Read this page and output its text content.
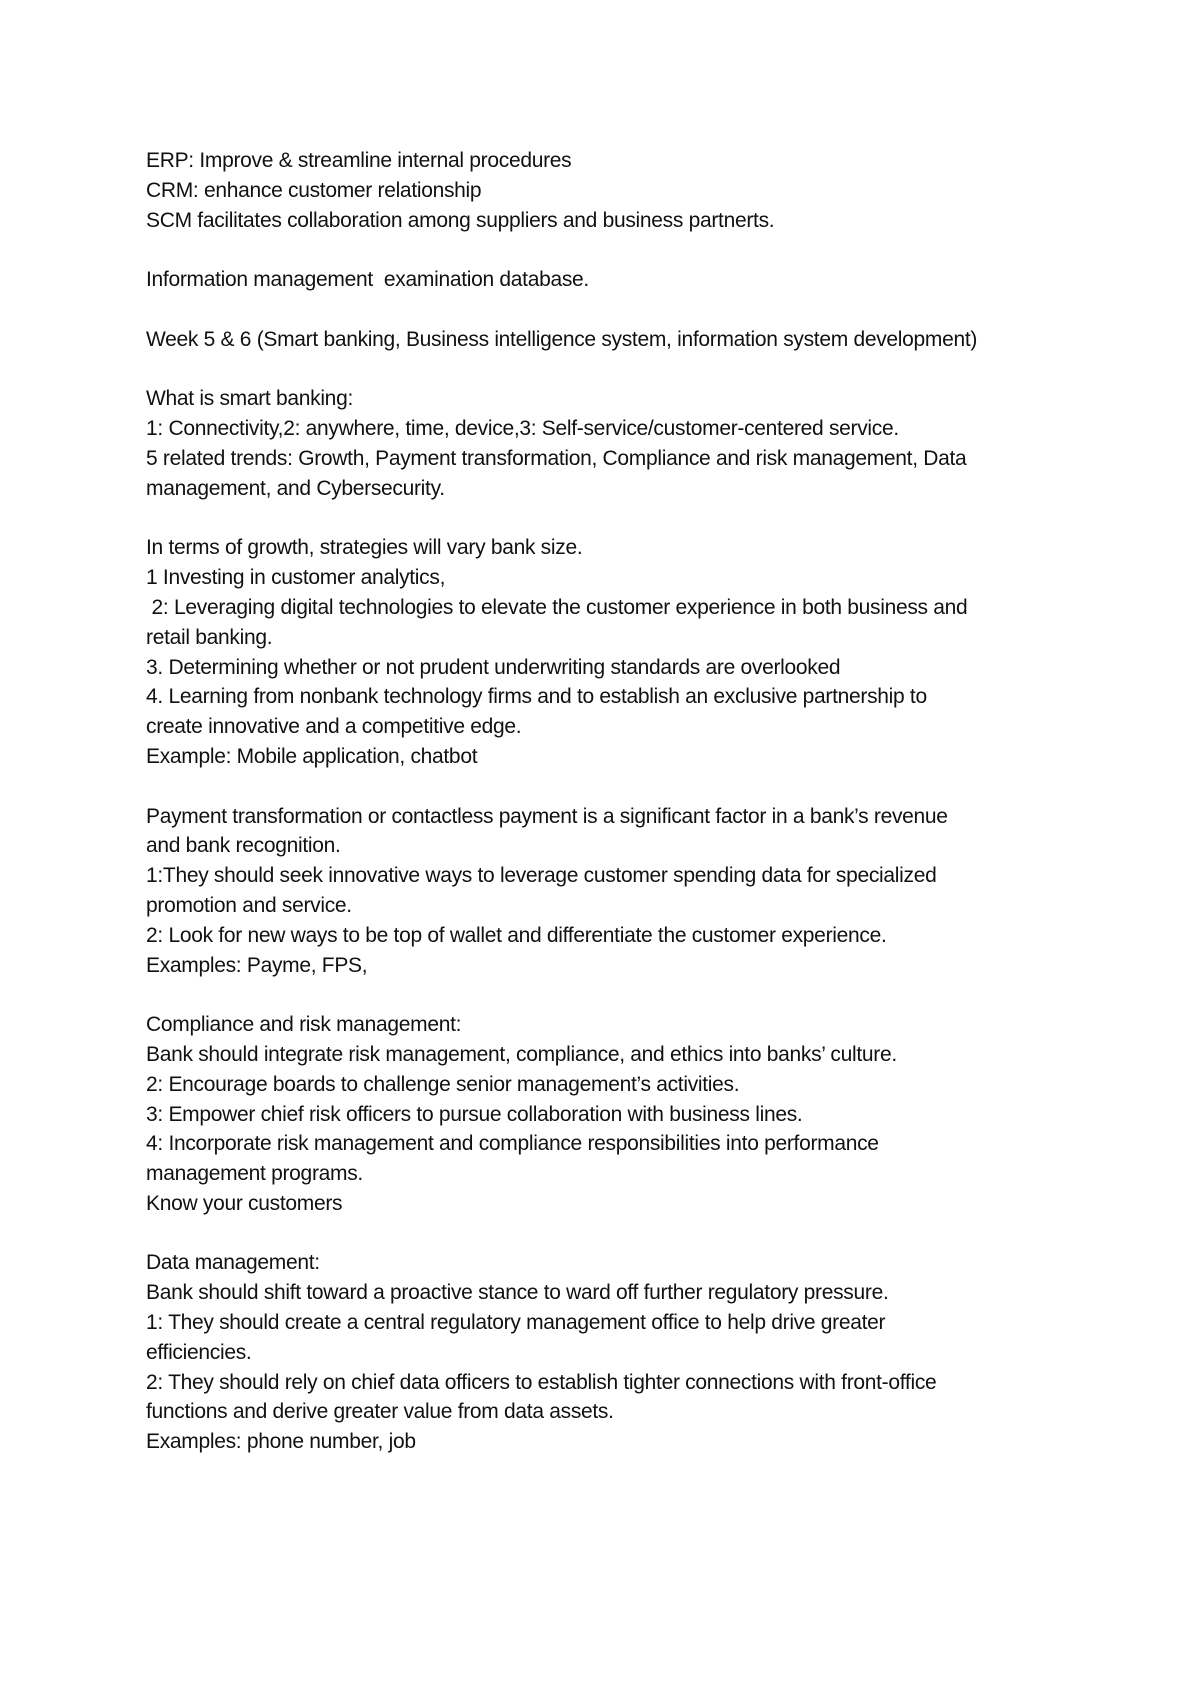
ERP: Improve & streamline internal procedures
CRM: enhance customer relationship
SCM facilitates collaboration among suppliers and business partnerts.
Information management  examination database.
Week 5 & 6 (Smart banking, Business intelligence system, information system development)
What is smart banking:
1: Connectivity,2: anywhere, time, device,3: Self-service/customer-centered service.
5 related trends: Growth, Payment transformation, Compliance and risk management, Data
management, and Cybersecurity.
In terms of growth, strategies will vary bank size.
1 Investing in customer analytics,
2: Leveraging digital technologies to elevate the customer experience in both business and
retail banking.
3. Determining whether or not prudent underwriting standards are overlooked
4. Learning from nonbank technology firms and to establish an exclusive partnership to
create innovative and a competitive edge.
Example: Mobile application, chatbot
Payment transformation or contactless payment is a significant factor in a bank’s revenue
and bank recognition.
1:They should seek innovative ways to leverage customer spending data for specialized
promotion and service.
2: Look for new ways to be top of wallet and differentiate the customer experience.
Examples: Payme, FPS,
Compliance and risk management:
Bank should integrate risk management, compliance, and ethics into banks’ culture.
2: Encourage boards to challenge senior management’s activities.
3: Empower chief risk officers to pursue collaboration with business lines.
4: Incorporate risk management and compliance responsibilities into performance
management programs.
Know your customers
Data management:
Bank should shift toward a proactive stance to ward off further regulatory pressure.
1: They should create a central regulatory management office to help drive greater
efficiencies.
2: They should rely on chief data officers to establish tighter connections with front-office
functions and derive greater value from data assets.
Examples: phone number, job
